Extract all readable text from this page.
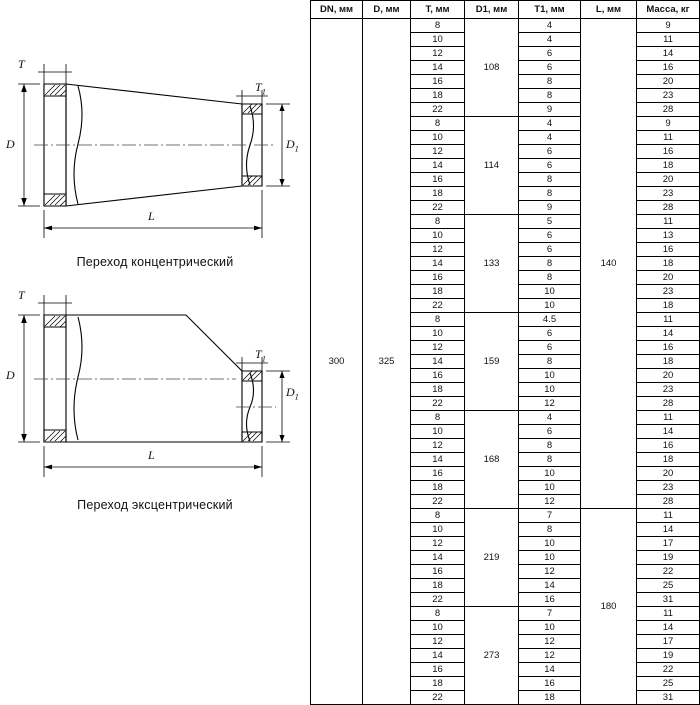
T
$T_1$
D	$D_1$
L
Переход концентрический
T
$T_1$
D
$D_1$
L
Переход эксцентрический
DN, мм	D, мм	T, мм	D1, мм	T1, мм	L, мм	Масса, кг
300	325	8	108	4	140	9
		10		4		11
		12		6		14
		14		6		16
		16		8		20
		18		8		23
		22		9		28
		8	114	4		9
		10		4		11
		12		6		16
		14		6		18
		16		8		20
		18		8		23
		22		9		28
		8	133	5		11
		10		6		13
		12		6		16
		14		8		18
		16		8		20
		18		10		23
		22		10		18
		8	159	4.5		11
		10		6		14
		12		6		16
		14		8		18
		16		10		20
		18		10		23
		22		12		28
		8	168	4		11
		10		6		14
		12		8		16
		14		8		18
		16		10		20
		18		10		23
		22		12		28
		8	219	7	180	11
		10		8		14
		12		10		17
		14		10		19
		16		12		22
		18		14		25
		22		16		31
		8	273	7		11
		10		10		14
		12		12		17
		14		12		19
		16		14		22
		18		16		25
		22		18		31
